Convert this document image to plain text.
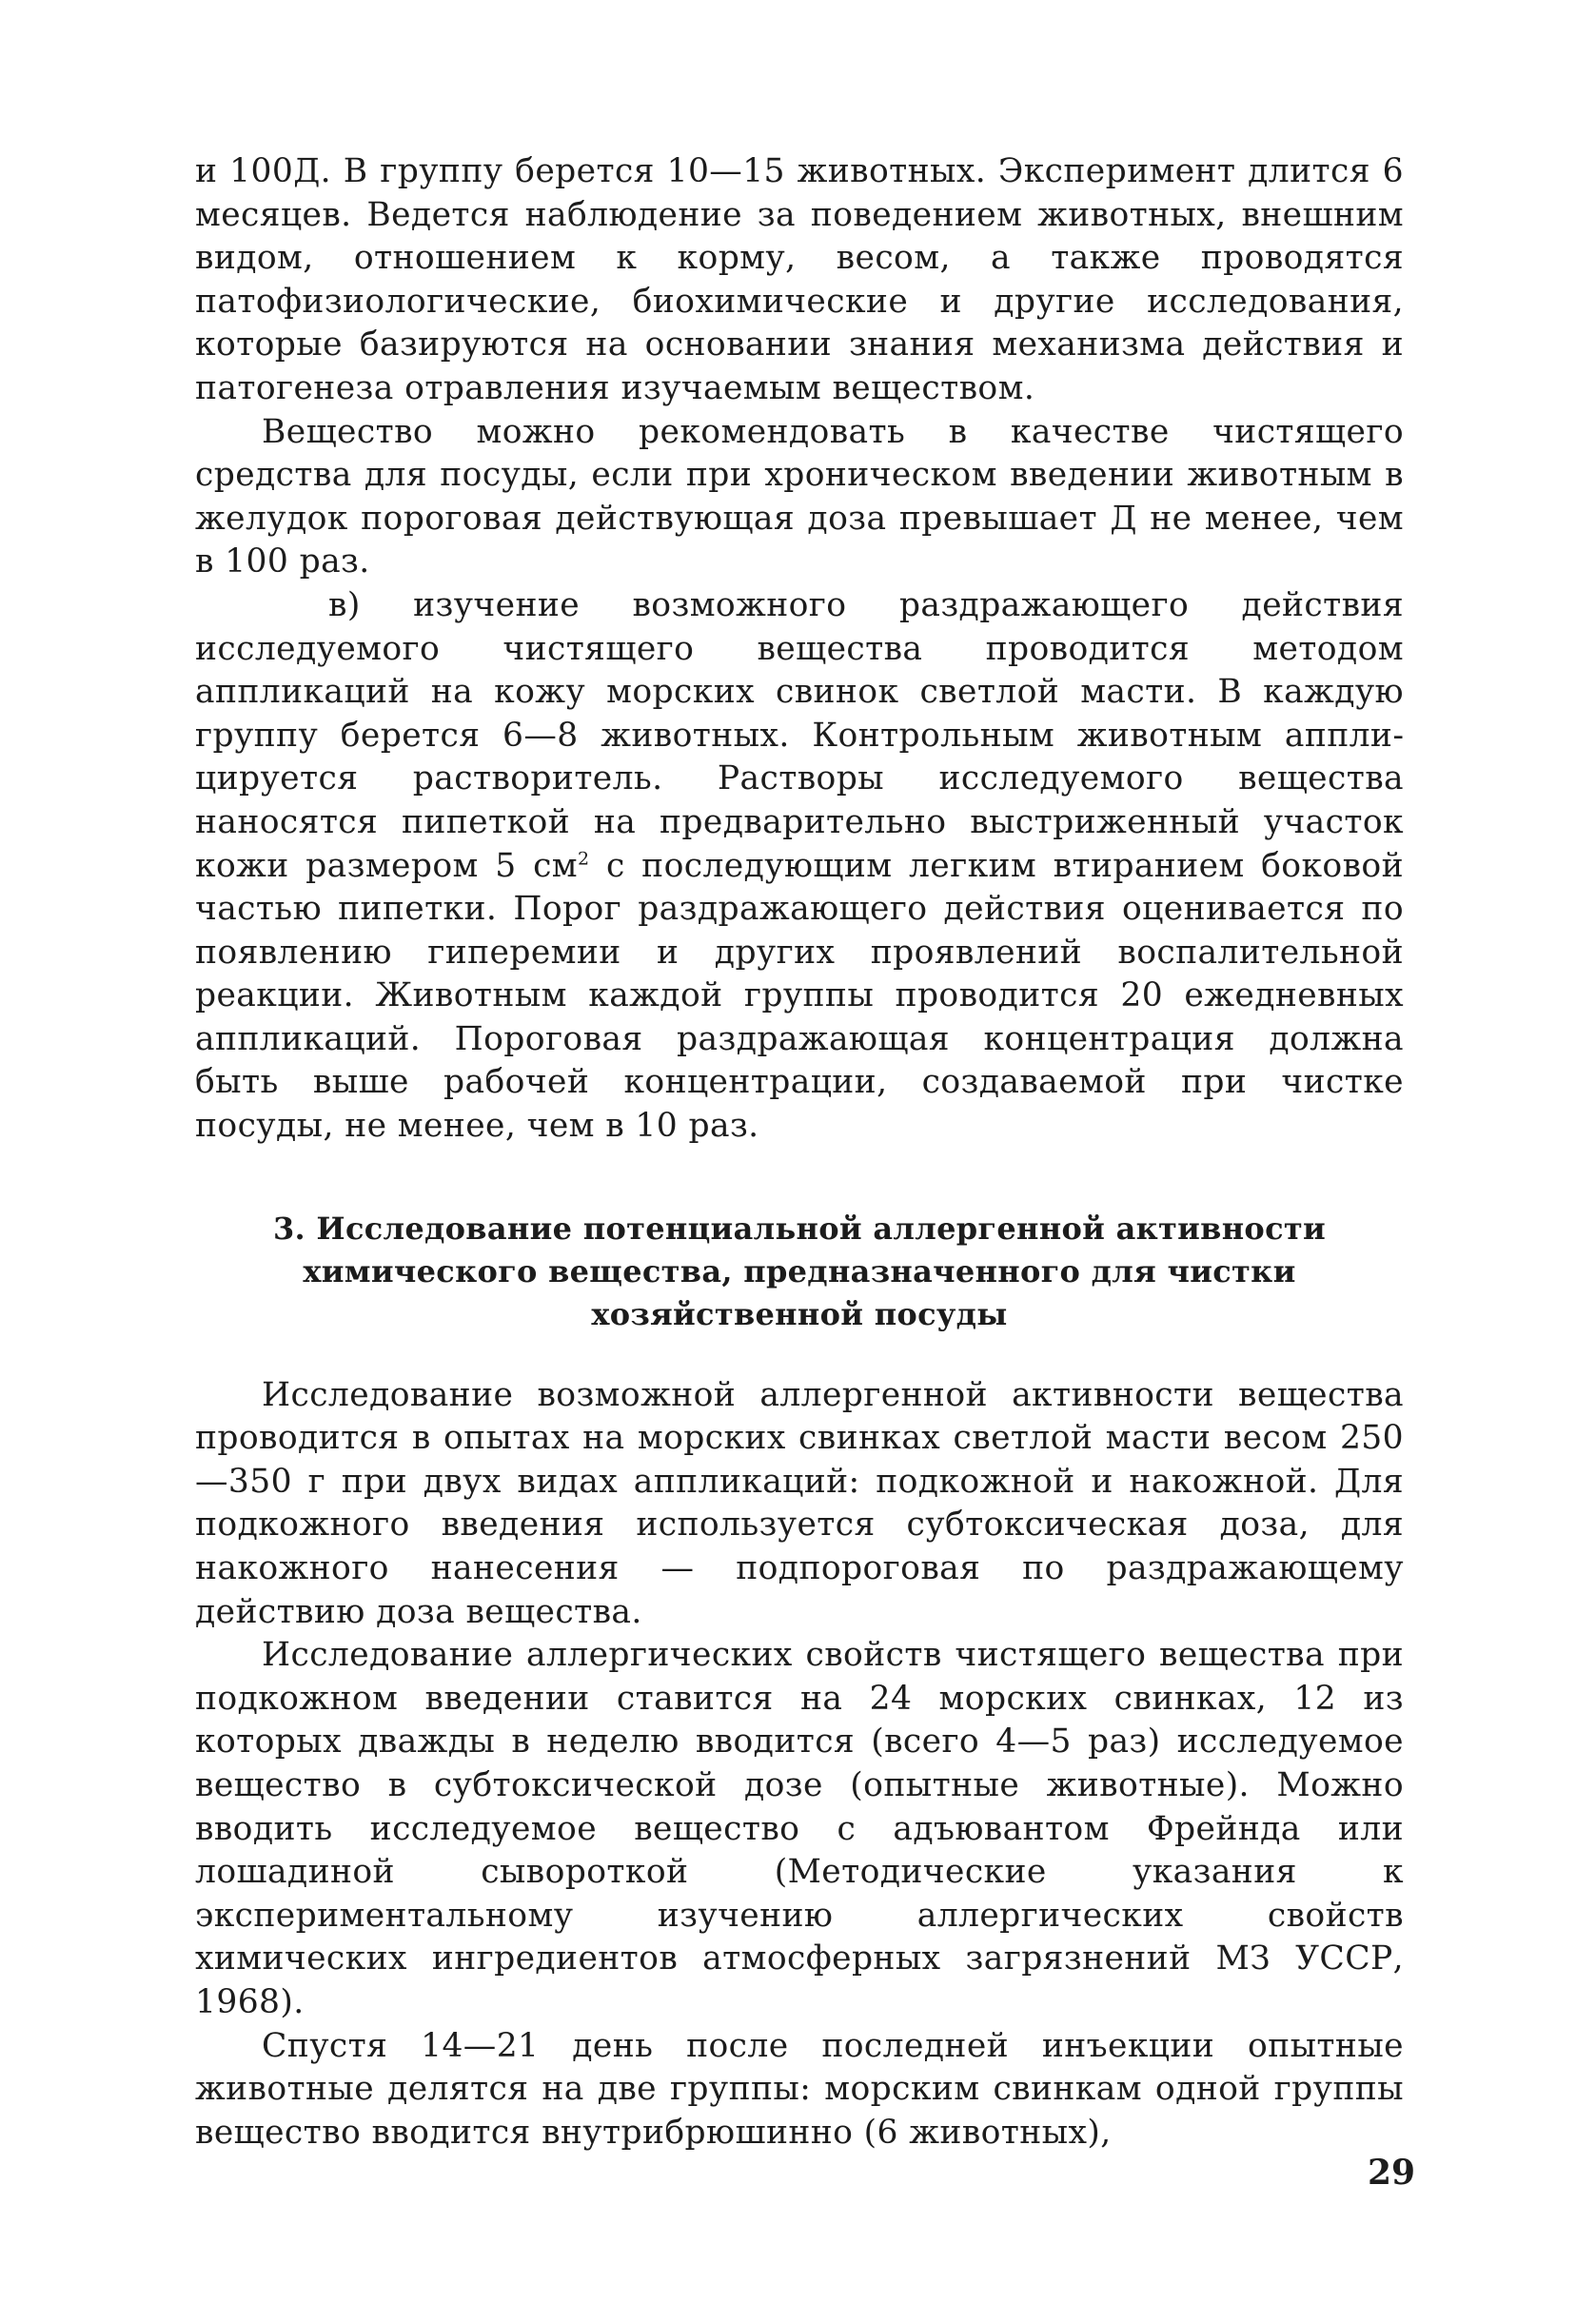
и 100Д. В группу берется 10—15 животных. Эксперимент длится 6 месяцев. Ведется наблюдение за поведением животных, внешним видом, отношением к корму, весом, а также проводятся патофизиологические, биохимические и другие исследования, которые базируются на основании знания механизма действия и патогенеза отравления изучаемым веществом.

Вещество можно рекомендовать в качестве чистящего средства для посуды, если при хроническом введении животным в желудок пороговая действующая доза превышает Д не менее, чем в 100 раз.

в) изучение возможного раздражающего действия исследуемого чистящего вещества проводится методом аппликаций на кожу морских свинок светлой масти. В каждую группу берется 6—8 животных. Контрольным животным апплицируется растворитель. Растворы исследуемого вещества наносятся пипеткой на предварительно выстриженный участок кожи размером 5 $см^2$ с последующим легким втиранием боковой частью пипетки. Порог раздражающего действия оценивается по появлению гиперемии и других проявлений воспалительной реакции. Животным каждой группы проводится 20 ежедневных аппликаций. Пороговая раздражающая концентрация должна быть выше рабочей концентрации, создаваемой при чистке посуды, не менее, чем в 10 раз.

3. Исследование потенциальной аллергенной активности химического вещества, предназначенного для чистки хозяйственной посуды

Исследование возможной аллергенной активности вещества проводится в опытах на морских свинках светлой масти весом 250—350 г при двух видах аппликаций: подкожной и накожной. Для подкожного введения используется субтоксическая доза, для накожного нанесения — подпороговая по раздражающему действию доза вещества.

Исследование аллергических свойств чистящего вещества при подкожном введении ставится на 24 морских свинках, 12 из которых дважды в неделю вводится (всего 4—5 раз) исследуемое вещество в субтоксической дозе (опытные животные). Можно вводить исследуемое вещество с адъювантом Фрейнда или лошадиной сывороткой (Методические указания к экспериментальному изучению аллергических свойств химических ингредиентов атмосферных загрязнений МЗ УССР, 1968).

Спустя 14—21 день после последней инъекции опытные животные делятся на две группы: морским свинкам одной группы вещество вводится внутрибрюшинно (6 животных),

29
